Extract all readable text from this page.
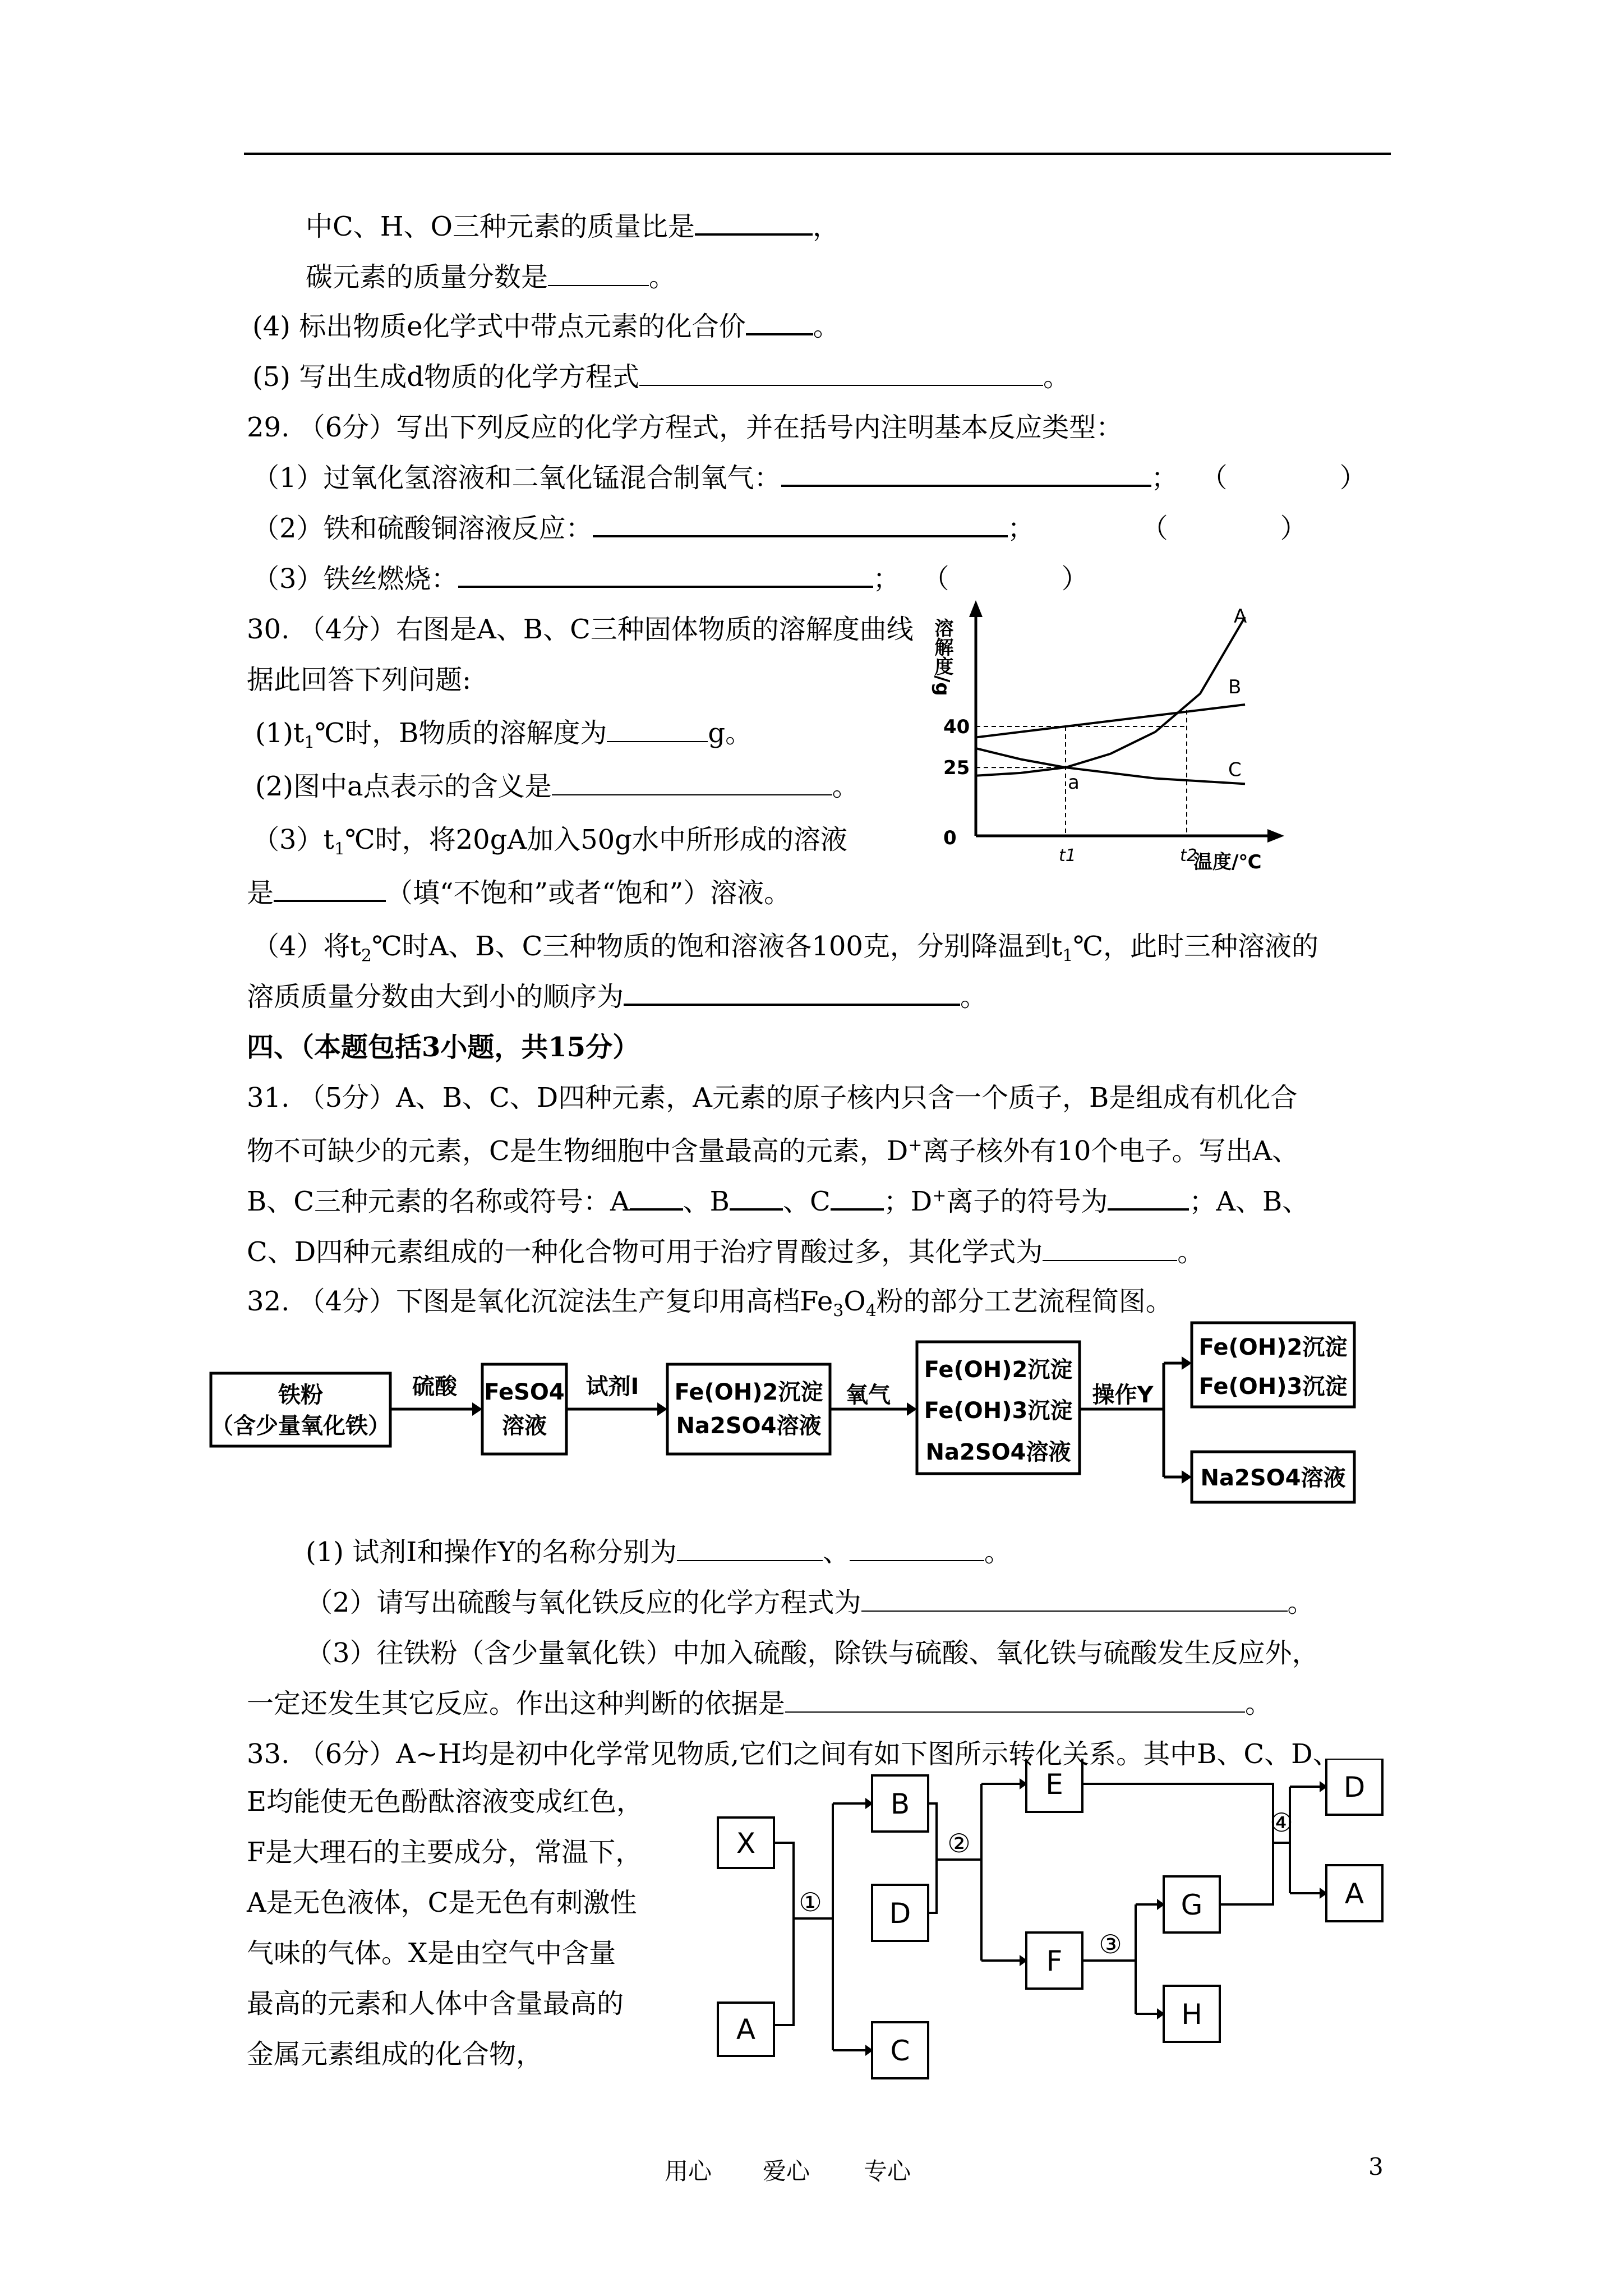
中C、H、O三种元素的质量比是	，
碳元素的质量分数是	。
(4) 标出物质e化学式中带点元素的化合价	。
(5) 写出生成d物质的化学方程式	。
29. （6分）写出下列反应的化学方程式，并在括号内注明基本反应类型：
（1）过氧化氢溶液和二氧化锰混合制氧气：	； （	）
（2）铁和硫酸铜溶液反应：	；	（	）
（3）铁丝燃烧：	； （	）
30. （4分）右图是A、B、C三种固体物质的溶解度曲线
据此回答下列问题:
$(1)t_1℃$时，B物质的溶解度为	g。
(2)图中a点表示的含义是	。
$(3)t_1℃$时，将20gA加入50g水中所形成的溶液
是	（填“不饱和”或者“饱和”）溶液。
（4）将$t_2℃$时A、B、C三种物质的饱和溶液各100克，分别降温到$t_1℃$，此时三种溶液的
溶质质量分数由大到小的顺序为	。
溶解度/g
温度/℃
0
A
B
C
25
40
t1	t2
a
四、（本题包括3小题，共15分）
31. （5分）A、B、C、D四种元素，A元素的原子核内只含一个质子，B是组成有机化合
物不可缺少的元素，C是生物细胞中含量最高的元素，D+离子核外有10个电子。写出A、
B、C三种元素的名称或符号：A 、B 、C ；D+离子的符号为	；A、B、
C、D四种元素组成的一种化合物可用于治疗胃酸过多，其化学式为	。
32. （4分）下图是氧化沉淀法生产复印用高档$Fe_3O_4$粉的部分工艺流程简图。
铁粉
（含少量氧化铁）
硫酸 FeSO4
溶液
试剂I Fe(OH)2沉淀
Na2SO4溶液
氧气
Fe(OH)2沉淀
Fe(OH)3沉淀
Na2SO4溶液
操作Y
Fe(OH)2沉淀
Fe(OH)3沉淀
Na2SO4溶液
(1) 试剂I和操作Y的名称分别为	、	。
（2）请写出硫酸与氧化铁反应的化学方程式为	。
（3）往铁粉（含少量氧化铁）中加入硫酸，除铁与硫酸、氧化铁与硫酸发生反应外，
一定还发生其它反应。作出这种判断的依据是	。
33. （6分）A~H均是初中化学常见物质,它们之间有如下图所示转化关系。其中B、C、D、
E均能使无色酚酞溶液变成红色，
F是大理石的主要成分，常温下，
A是无色液体，C是无色有刺激性
气味的气体。X是由空气中含量
最高的元素和人体中含量最高的
金属元素组成的化合物，
X
A
B
D
C
E
F
G
H
D
A
①
②
③
④
用心 爱心 专心	3
